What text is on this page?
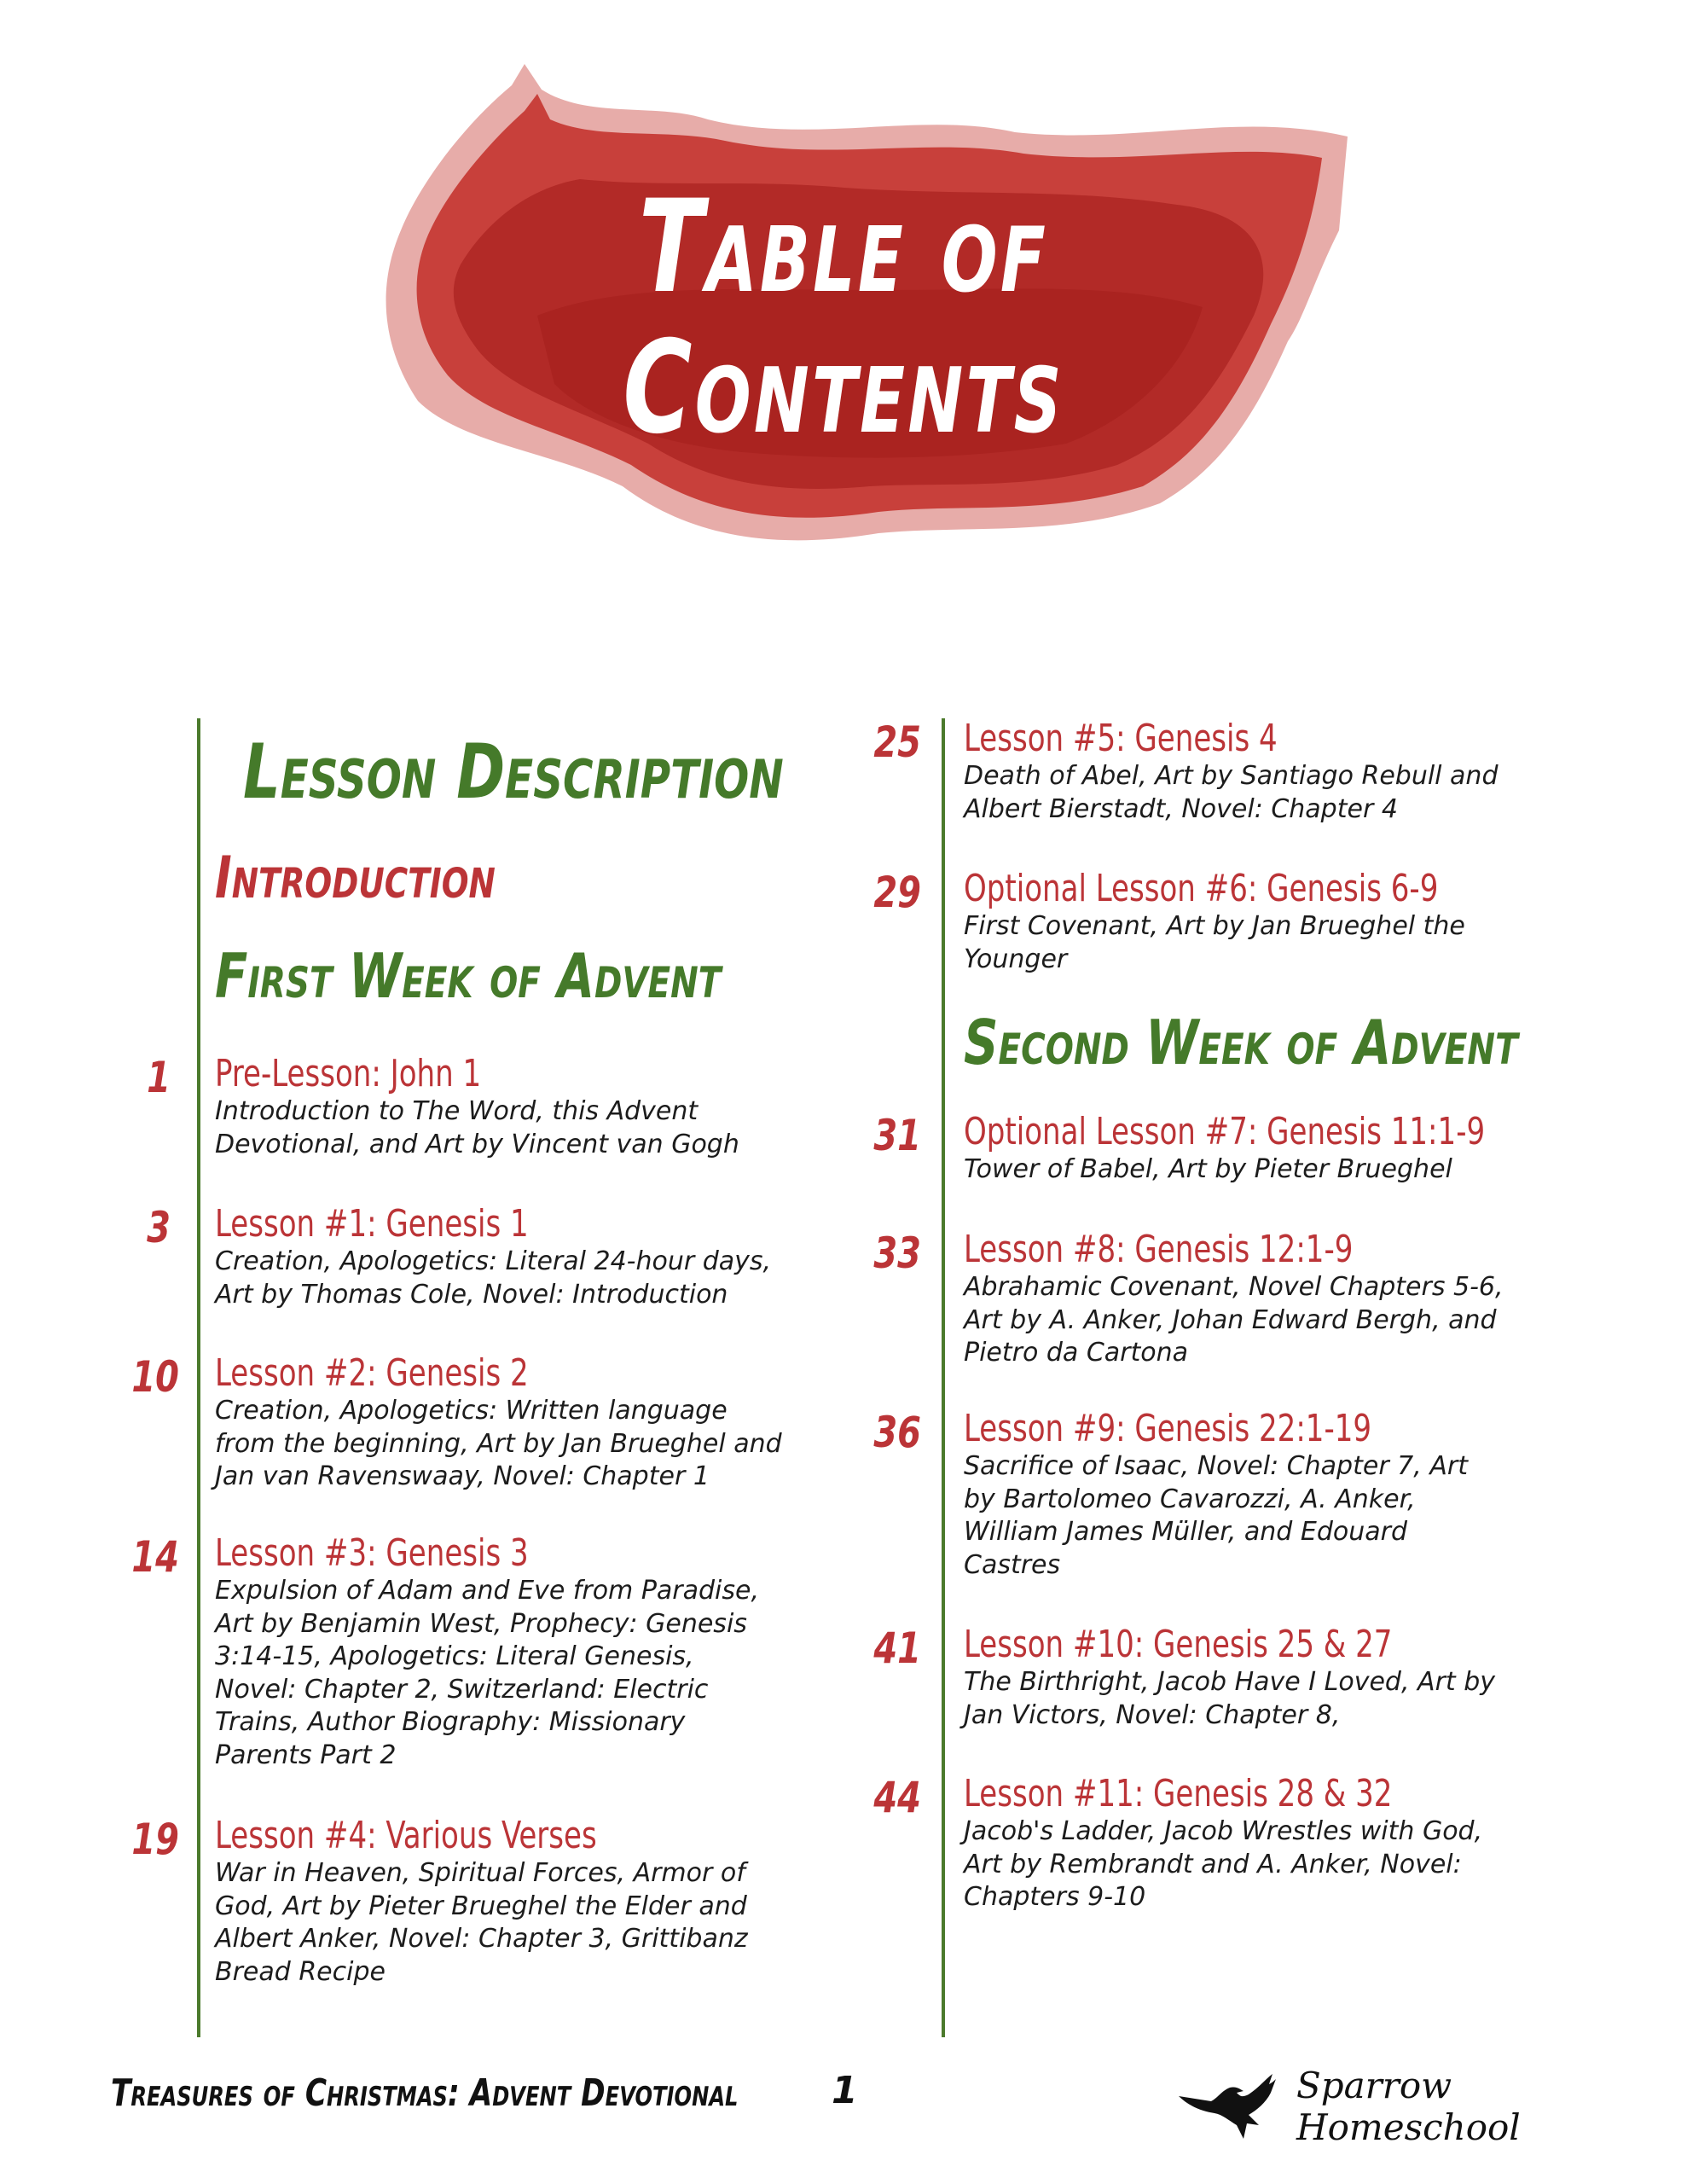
Table of
Contents
Lesson Description
Introduction
First Week of Advent
1 Pre-Lesson: John 1
Introduction to The Word, this Advent
Devotional, and Art by Vincent van Gogh
3 Lesson #1: Genesis 1
Creation, Apologetics: Literal 24-hour days,
Art by Thomas Cole, Novel: Introduction
10 Lesson #2: Genesis 2
Creation, Apologetics: Written language
from the beginning, Art by Jan Brueghel and
Jan van Ravenswaay, Novel: Chapter 1
14 Lesson #3: Genesis 3
Expulsion of Adam and Eve from Paradise,
Art by Benjamin West, Prophecy: Genesis
3:14-15, Apologetics: Literal Genesis,
Novel: Chapter 2, Switzerland: Electric
Trains, Author Biography: Missionary
Parents Part 2
19 Lesson #4: Various Verses
War in Heaven, Spiritual Forces, Armor of
God, Art by Pieter Brueghel the Elder and
Albert Anker, Novel: Chapter 3, Grittibanz
Bread Recipe
25 Lesson #5: Genesis 4
Death of Abel, Art by Santiago Rebull and
Albert Bierstadt, Novel: Chapter 4
29 Optional Lesson #6: Genesis 6-9
First Covenant, Art by Jan Brueghel the
Younger
Second Week of Advent
31 Optional Lesson #7: Genesis 11:1-9
Tower of Babel, Art by Pieter Brueghel
33 Lesson #8: Genesis 12:1-9
Abrahamic Covenant, Novel Chapters 5-6,
Art by A. Anker, Johan Edward Bergh, and
Pietro da Cartona
36 Lesson #9: Genesis 22:1-19
Sacrifice of Isaac, Novel: Chapter 7, Art
by Bartolomeo Cavarozzi, A. Anker,
William James Müller, and Edouard
Castres
41 Lesson #10: Genesis 25 & 27
The Birthright, Jacob Have I Loved, Art by
Jan Victors, Novel: Chapter 8,
44 Lesson #11: Genesis 28 & 32
Jacob's Ladder, Jacob Wrestles with God,
Art by Rembrandt and A. Anker, Novel:
Chapters 9-10
Treasures of Christmas: Advent Devotional 1	Sparrow Homeschool
